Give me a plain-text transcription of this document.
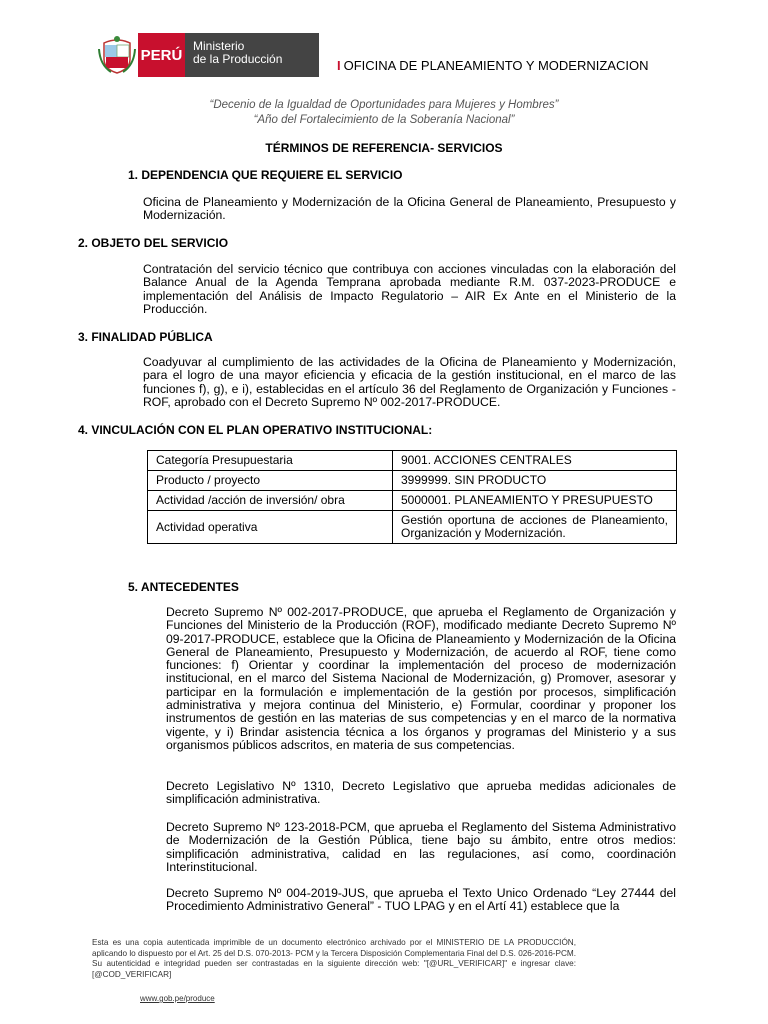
PERÚ
Ministerio
de la Producción	I OFICINA DE PLANEAMIENTO Y MODERNIZACION
“Decenio de la Igualdad de Oportunidades para Mujeres y Hombres”
“Año del Fortalecimiento de la Soberanía Nacional”
TÉRMINOS DE REFERENCIA- SERVICIOS
1. DEPENDENCIA QUE REQUIERE EL SERVICIO

Oficina de Planeamiento y Modernización de la Oficina General de Planeamiento, Presupuesto y Modernización.

2. OBJETO DEL SERVICIO

Contratación del servicio técnico que contribuya con acciones vinculadas con la elaboración del Balance Anual de la Agenda Temprana aprobada mediante R.M. 037-2023-PRODUCE e implementación del Análisis de Impacto Regulatorio – AIR Ex Ante en el Ministerio de la Producción.

3. FINALIDAD PÚBLICA

Coadyuvar al cumplimiento de las actividades de la Oficina de Planeamiento y Modernización, para el logro de una mayor eficiencia y eficacia de la gestión institucional, en el marco de las funciones f), g), e i), establecidas en el artículo 36 del Reglamento de Organización y Funciones - ROF, aprobado con el Decreto Supremo Nº 002-2017-PRODUCE.

4. VINCULACIÓN CON EL PLAN OPERATIVO INSTITUCIONAL:
Categoría Presupuestaria	9001. ACCIONES CENTRALES
Producto / proyecto	3999999. SIN PRODUCTO
Actividad /acción de inversión/ obra	5000001. PLANEAMIENTO Y PRESUPUESTO
Actividad operativa	Gestión oportuna de acciones de Planeamiento, Organización y Modernización.
5. ANTECEDENTES

Decreto Supremo Nº 002-2017-PRODUCE, que aprueba el Reglamento de Organización y Funciones del Ministerio de la Producción (ROF), modificado mediante Decreto Supremo Nº 09-2017-PRODUCE, establece que la Oficina de Planeamiento y Modernización de la Oficina General de Planeamiento, Presupuesto y Modernización, de acuerdo al ROF, tiene como funciones: f) Orientar y coordinar la implementación del proceso de modernización institucional, en el marco del Sistema Nacional de Modernización, g) Promover, asesorar y participar en la formulación e implementación de la gestión por procesos, simplificación administrativa y mejora continua del Ministerio, e) Formular, coordinar y proponer los instrumentos de gestión en las materias de sus competencias y en el marco de la normativa vigente, y i) Brindar asistencia técnica a los órganos y programas del Ministerio y a sus organismos públicos adscritos, en materia de sus competencias.

Decreto Legislativo Nº 1310, Decreto Legislativo que aprueba medidas adicionales de simplificación administrativa.

Decreto Supremo Nº 123-2018-PCM, que aprueba el Reglamento del Sistema Administrativo de Modernización de la Gestión Pública, tiene bajo su ámbito, entre otros medios: simplificación administrativa, calidad en las regulaciones, así como, coordinación Interinstitucional.

Decreto Supremo Nº 004-2019-JUS, que aprueba el Texto Unico Ordenado “Ley 27444 del Procedimiento Administrativo General” - TUO LPAG y en el Artí 41) establece que la

Esta es una copia autenticada imprimible de un documento electrónico archivado por el MINISTERIO DE LA PRODUCCIÓN, aplicando lo dispuesto por el Art. 25 del D.S. 070-2013- PCM y la Tercera Disposición Complementaria Final del D.S. 026-2016-PCM. Su autenticidad e integridad pueden ser contrastadas en la siguiente dirección web: "[@URL_VERIFICAR]" e ingresar clave: [@COD_VERIFICAR]
www.gob.pe/produce
